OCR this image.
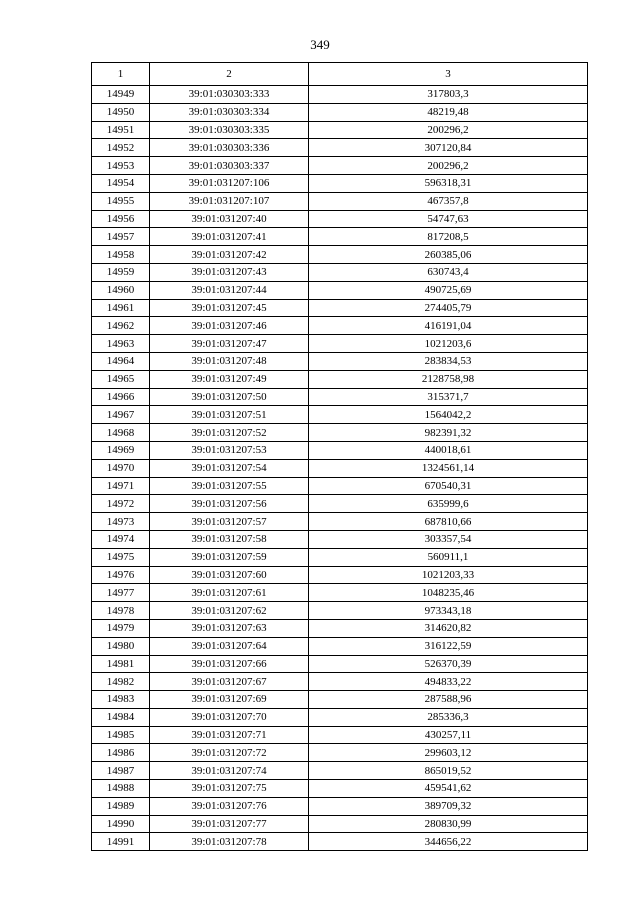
349
1	2	3
14949	39:01:030303:333	317803,3
14950	39:01:030303:334	48219,48
14951	39:01:030303:335	200296,2
14952	39:01:030303:336	307120,84
14953	39:01:030303:337	200296,2
14954	39:01:031207:106	596318,31
14955	39:01:031207:107	467357,8
14956	39:01:031207:40	54747,63
14957	39:01:031207:41	817208,5
14958	39:01:031207:42	260385,06
14959	39:01:031207:43	630743,4
14960	39:01:031207:44	490725,69
14961	39:01:031207:45	274405,79
14962	39:01:031207:46	416191,04
14963	39:01:031207:47	1021203,6
14964	39:01:031207:48	283834,53
14965	39:01:031207:49	2128758,98
14966	39:01:031207:50	315371,7
14967	39:01:031207:51	1564042,2
14968	39:01:031207:52	982391,32
14969	39:01:031207:53	440018,61
14970	39:01:031207:54	1324561,14
14971	39:01:031207:55	670540,31
14972	39:01:031207:56	635999,6
14973	39:01:031207:57	687810,66
14974	39:01:031207:58	303357,54
14975	39:01:031207:59	560911,1
14976	39:01:031207:60	1021203,33
14977	39:01:031207:61	1048235,46
14978	39:01:031207:62	973343,18
14979	39:01:031207:63	314620,82
14980	39:01:031207:64	316122,59
14981	39:01:031207:66	526370,39
14982	39:01:031207:67	494833,22
14983	39:01:031207:69	287588,96
14984	39:01:031207:70	285336,3
14985	39:01:031207:71	430257,11
14986	39:01:031207:72	299603,12
14987	39:01:031207:74	865019,52
14988	39:01:031207:75	459541,62
14989	39:01:031207:76	389709,32
14990	39:01:031207:77	280830,99
14991	39:01:031207:78	344656,22
